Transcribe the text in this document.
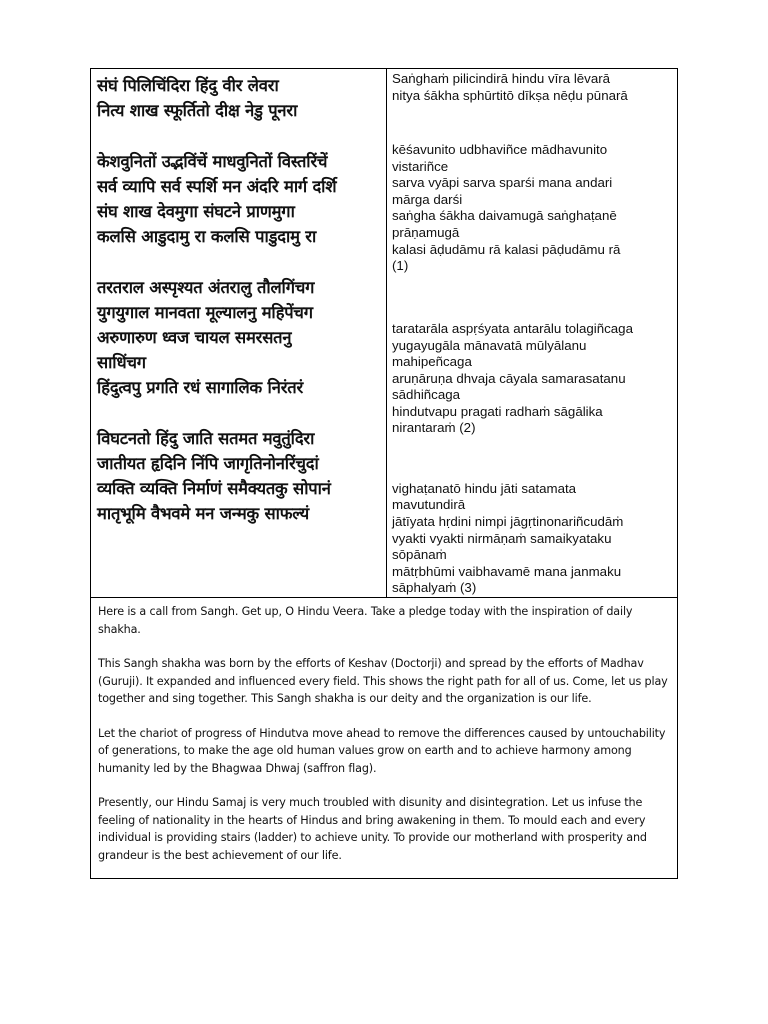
संघं पिलिचिंदिरा हिंदु वीर लेवरा
नित्य शाख स्फूर्तितो दीक्ष नेडु पूनरा
केशवुनितों उद्भविंचें माधवुनितों विस्तरिंचें
सर्व व्यापि सर्व स्पर्शि मन अंदरि मार्ग दर्शि
संघ शाख देवमुगा संघटने प्राणमुगा
कलसि आडुदामु रा कलसि पाडुदामु रा
तरतराल अस्पृश्यत अंतरालु तौलगिंचग
युगयुगाल मानवता मूल्यालनु महिपेंचग
अरुणारुण ध्वज चायल समरसतनु
साधिंचग
हिंदुत्वपु प्रगति रधं सागालिक निरंतरं
विघटनतो हिंदु जाति सतमत मवुतुंदिरा
जातीयत हृदिनि निंपि जागृतिनोनरिंचुदां
व्यक्ति व्यक्ति निर्माणं समैक्यतकु सोपानं
मातृभूमि वैभवमे मन जन्मकु साफल्यं
Saṅghaṁ pilicindirā hindu vīra lēvarā
nitya śākha sphūrtitō dīkṣa nēḍu pūnarā
kēśavunito udbhaviñce mādhavunito
vistariñce
sarva vyāpi sarva sparśi mana andari
mārga darśi
saṅgha śākha daivamugā saṅghaṭanē
prāṇamugā
kalasi āḍudāmu rā kalasi pāḍudāmu rā
(1)
taratarāla aspṛśyata antarālu tolagiñcaga
yugayugāla mānavatā mūlyālanu
mahipeñcaga
aruṇāruṇa dhvaja cāyala samarasatanu
sādhiñcaga
hindutvapu pragati radhaṁ sāgālika
nirantaraṁ (2)
vighaṭanatō hindu jāti satamata
mavutundirā
jātīyata hṛdini nimpi jāgṛtinonariñcudāṁ
vyakti vyakti nirmāṇaṁ samaikyataku
sōpānaṁ
mātṛbhūmi vaibhavamē mana janmaku
sāphalyaṁ (3)

Here is a call from Sangh. Get up, O Hindu Veera. Take a pledge today with the inspiration of daily shakha.

This Sangh shakha was born by the efforts of Keshav (Doctorji) and spread by the efforts of Madhav (Guruji). It expanded and influenced every field. This shows the right path for all of us. Come, let us play together and sing together. This Sangh shakha is our deity and the organization is our life.

Let the chariot of progress of Hindutva move ahead to remove the differences caused by untouchability of generations, to make the age old human values grow on earth and to achieve harmony among humanity led by the Bhagwaa Dhwaj (saffron flag).

Presently, our Hindu Samaj is very much troubled with disunity and disintegration. Let us infuse the feeling of nationality in the hearts of Hindus and bring awakening in them. To mould each and every individual is providing stairs (ladder) to achieve unity. To provide our motherland with prosperity and grandeur is the best achievement of our life.
